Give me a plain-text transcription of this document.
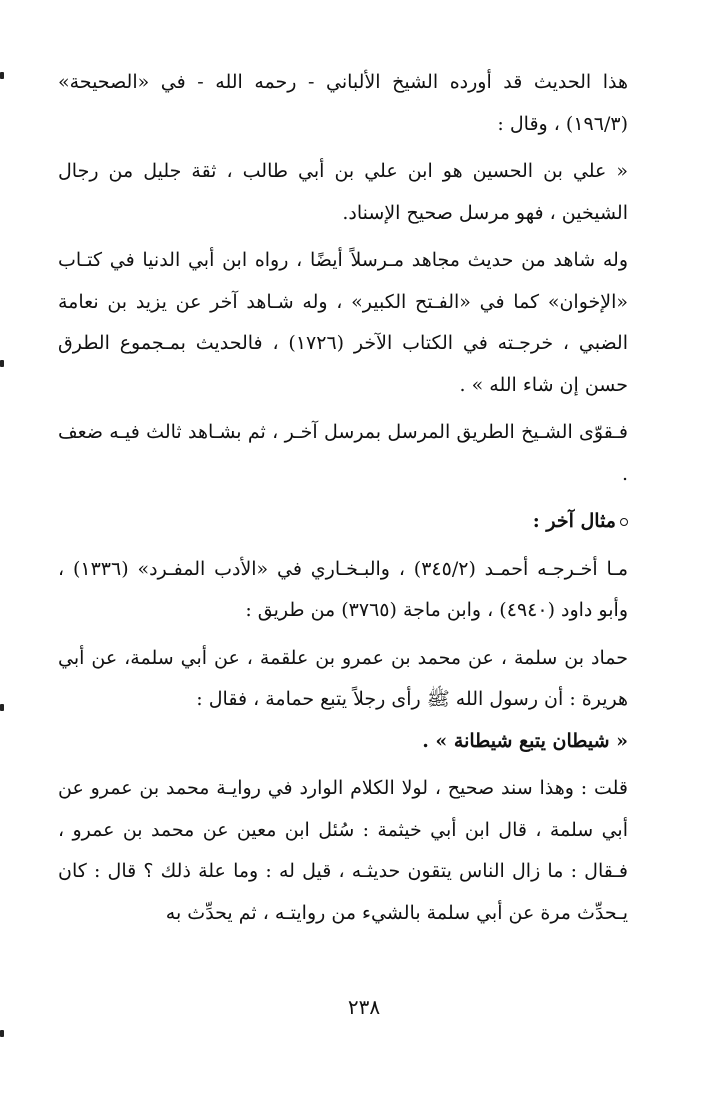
هذا الحديث قد أورده الشيخ الألباني - رحمه الله - في «الصحيحة» (١٩٦/٣) ، وقال :

« علي بن الحسين هو ابن علي بن أبي طالب ، ثقة جليل من رجال الشيخين ، فهو مرسل صحيح الإسناد.

وله شاهد من حديث مجاهد مـرسلاً أيضًا ، رواه ابن أبي الدنيا في كتـاب «الإخوان» كما في «الفـتح الكبير» ، وله شـاهد آخر عن يزيد بن نعامة الضبي ، خرجـته في الكتاب الآخر (١٧٢٦) ، فالحديث بمـجموع الطرق حسن إن شاء الله » .

فـقوّى الشـيخ الطريق المرسل بمرسل آخـر ، ثم بشـاهد ثالث فيـه ضعف .

مثال آخر :

مـا أخـرجـه أحمـد (٣٤٥/٢) ، والبـخـاري في «الأدب المفـرد» (١٣٣٦) ، وأبو داود (٤٩٤٠) ، وابن ماجة (٣٧٦٥) من طريق :

حماد بن سلمة ، عن محمد بن عمرو بن علقمة ، عن أبي سلمة، عن أبي هريرة : أن رسول الله ﷺ رأى رجلاً يتبع حمامة ، فقال :

« شيطان يتبع شيطانة » .

قلت : وهذا سند صحيح ، لولا الكلام الوارد في روايـة محمد بن عمرو عن أبي سلمة ، قال ابن أبي خيثمة : سُئل ابن معين عن محمد بن عمرو ، فـقال : ما زال الناس يتقون حديثـه ، قيل له : وما علة ذلك ؟ قال : كان يـحدِّث مرة عن أبي سلمة بالشيء من روايتـه ، ثم يحدِّث به

٢٣٨
